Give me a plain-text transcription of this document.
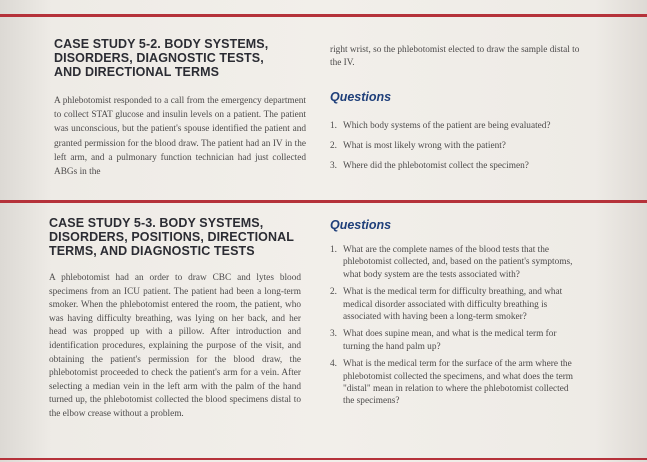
CASE STUDY 5-2. BODY SYSTEMS, DISORDERS, DIAGNOSTIC TESTS, AND DIRECTIONAL TERMS

A phlebotomist responded to a call from the emergency department to collect STAT glucose and insulin levels on a patient. The patient was unconscious, but the patient's spouse identified the patient and granted permission for the blood draw. The patient had an IV in the left arm, and a pulmonary function technician had just collected ABGs in the

right wrist, so the phlebotomist elected to draw the sample distal to the IV.

Questions
1. Which body systems of the patient are being evaluated?
2. What is most likely wrong with the patient?
3. Where did the phlebotomist collect the specimen?
CASE STUDY 5-3. BODY SYSTEMS, DISORDERS, POSITIONS, DIRECTIONAL TERMS, AND DIAGNOSTIC TESTS

A phlebotomist had an order to draw CBC and lytes blood specimens from an ICU patient. The patient had been a long-term smoker. When the phlebotomist entered the room, the patient, who was having difficulty breathing, was lying on her back, and her head was propped up with a pillow. After introduction and identification procedures, explaining the purpose of the visit, and obtaining the patient's permission for the blood draw, the phlebotomist proceeded to check the patient's arm for a vein. After selecting a median vein in the left arm with the palm of the hand turned up, the phlebotomist collected the blood specimens distal to the elbow crease without a problem.

Questions
1. What are the complete names of the blood tests that the phlebotomist collected, and, based on the patient's symptoms, what body system are the tests associated with?
2. What is the medical term for difficulty breathing, and what medical disorder associated with difficulty breathing is associated with having been a long-term smoker?
3. What does supine mean, and what is the medical term for turning the hand palm up?
4. What is the medical term for the surface of the arm where the phlebotomist collected the specimens, and what does the term "distal" mean in relation to where the phlebotomist collected the specimens?
